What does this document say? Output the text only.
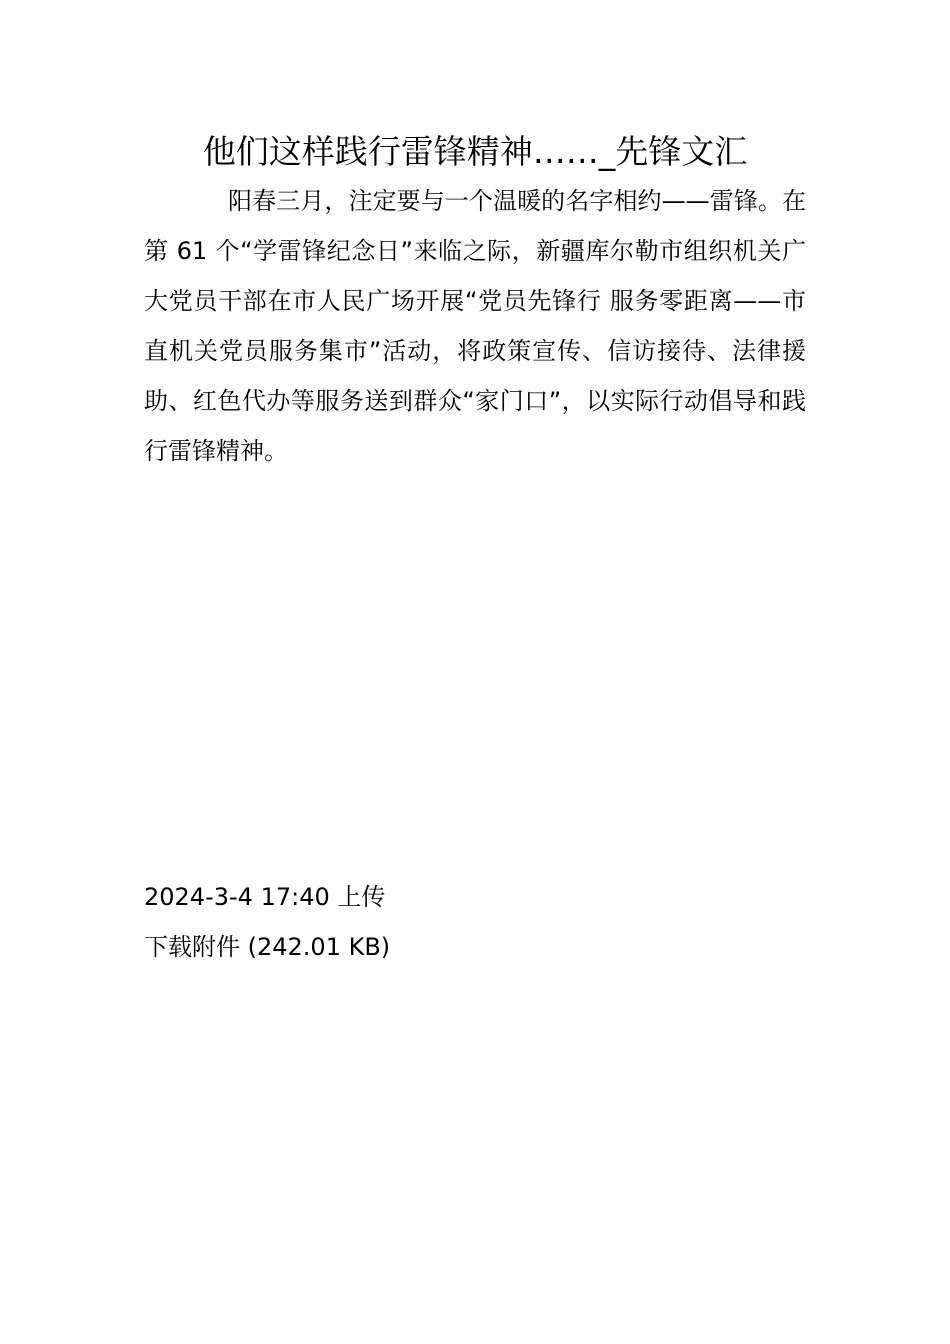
他们这样践行雷锋精神……_先锋文汇

阳春三月，注定要与一个温暖的名字相约——雷锋。在第 61 个“学雷锋纪念日”来临之际，新疆库尔勒市组织机关广大党员干部在市人民广场开展“党员先锋行 服务零距离——市直机关党员服务集市”活动，将政策宣传、信访接待、法律援助、红色代办等服务送到群众“家门口”，以实际行动倡导和践行雷锋精神。

2024-3-4 17:40 上传

下载附件 (242.01 KB)
